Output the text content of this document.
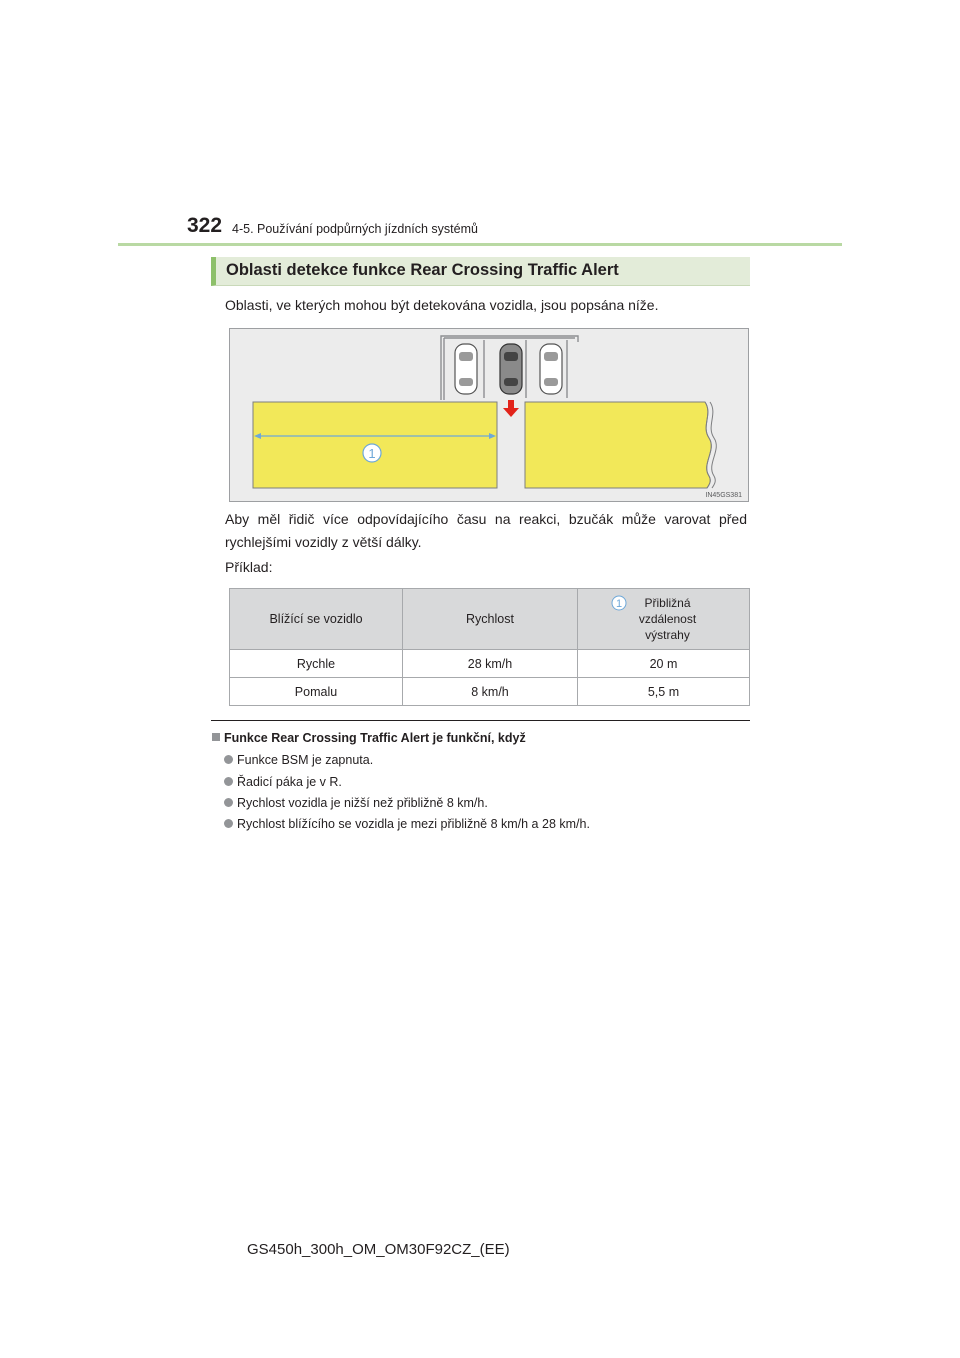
322 4-5. Používání podpůrných jízdních systémů
Oblasti detekce funkce Rear Crossing Traffic Alert
Oblasti, ve kterých mohou být detekována vozidla, jsou popsána níže.
1
IN45GS381
Aby měl řidič více odpovídajícího času na reakci, bzučák může varovat před rychlejšími vozidly z větší dálky.
Příklad:
Blížící se vozidlo	Rychlost	1 Přibližná
vzdálenost
výstrahy
Rychle	28 km/h	20 m
Pomalu	8 km/h	5,5 m
Funkce Rear Crossing Traffic Alert je funkční, když
Funkce BSM je zapnuta.
Řadicí páka je v R.
Rychlost vozidla je nižší než přibližně 8 km/h.
Rychlost blížícího se vozidla je mezi přibližně 8 km/h a 28 km/h.
GS450h_300h_OM_OM30F92CZ_(EE)
